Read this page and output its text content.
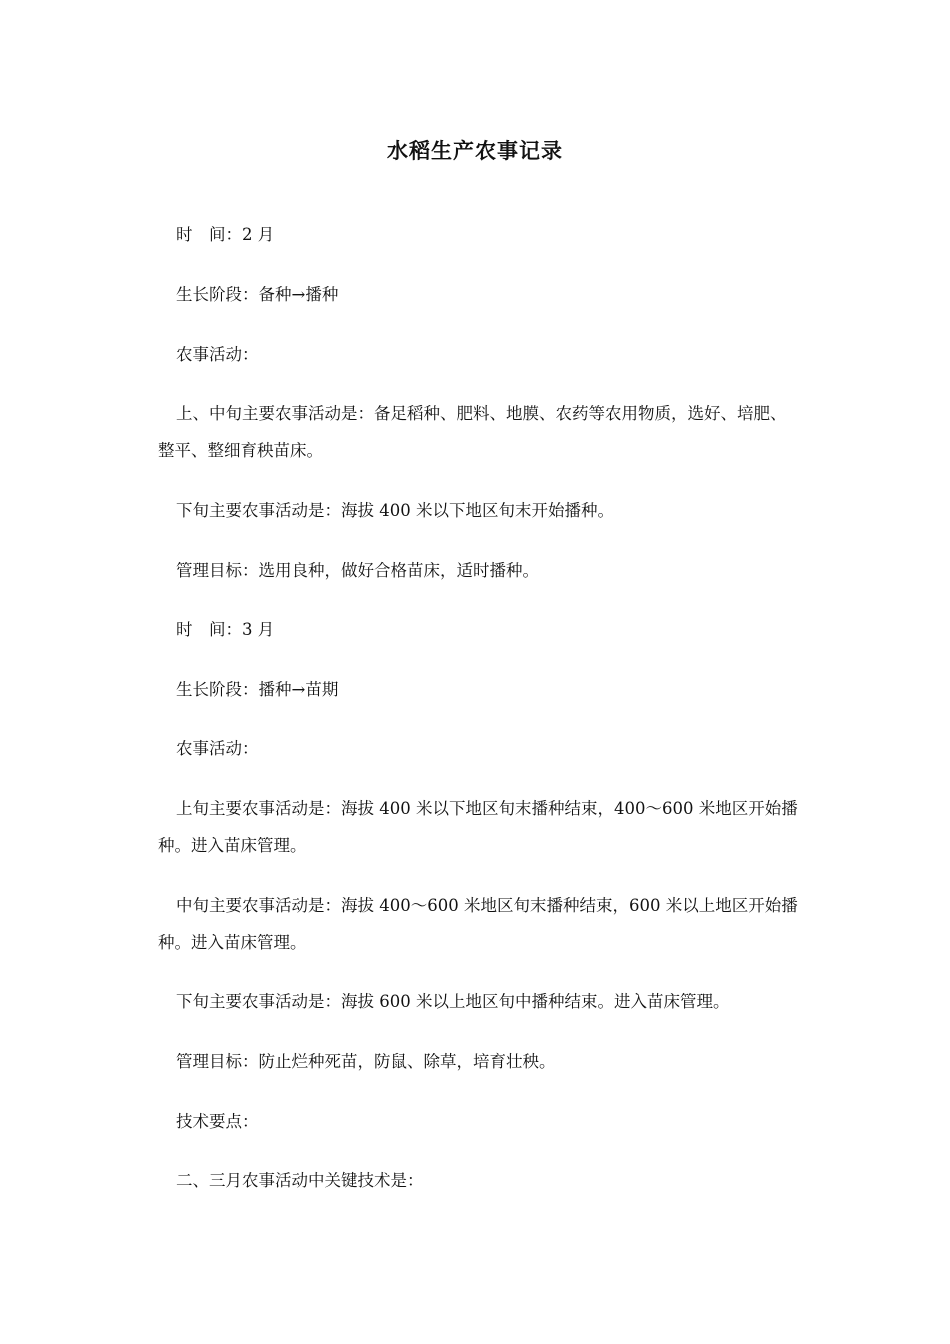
水稻生产农事记录

时　间：2 月

生长阶段：备种→播种

农事活动：

上、中旬主要农事活动是：备足稻种、肥料、地膜、农药等农用物质，选好、培肥、整平、整细育秧苗床。

下旬主要农事活动是：海拔 400 米以下地区旬末开始播种。

管理目标：选用良种，做好合格苗床，适时播种。

时　间：3 月

生长阶段：播种→苗期

农事活动：

上旬主要农事活动是：海拔 400 米以下地区旬末播种结束，400～600 米地区开始播种。进入苗床管理。

中旬主要农事活动是：海拔 400～600 米地区旬末播种结束，600 米以上地区开始播种。进入苗床管理。

下旬主要农事活动是：海拔 600 米以上地区旬中播种结束。进入苗床管理。

管理目标：防止烂种死苗，防鼠、除草，培育壮秧。

技术要点：

二、三月农事活动中关键技术是：
